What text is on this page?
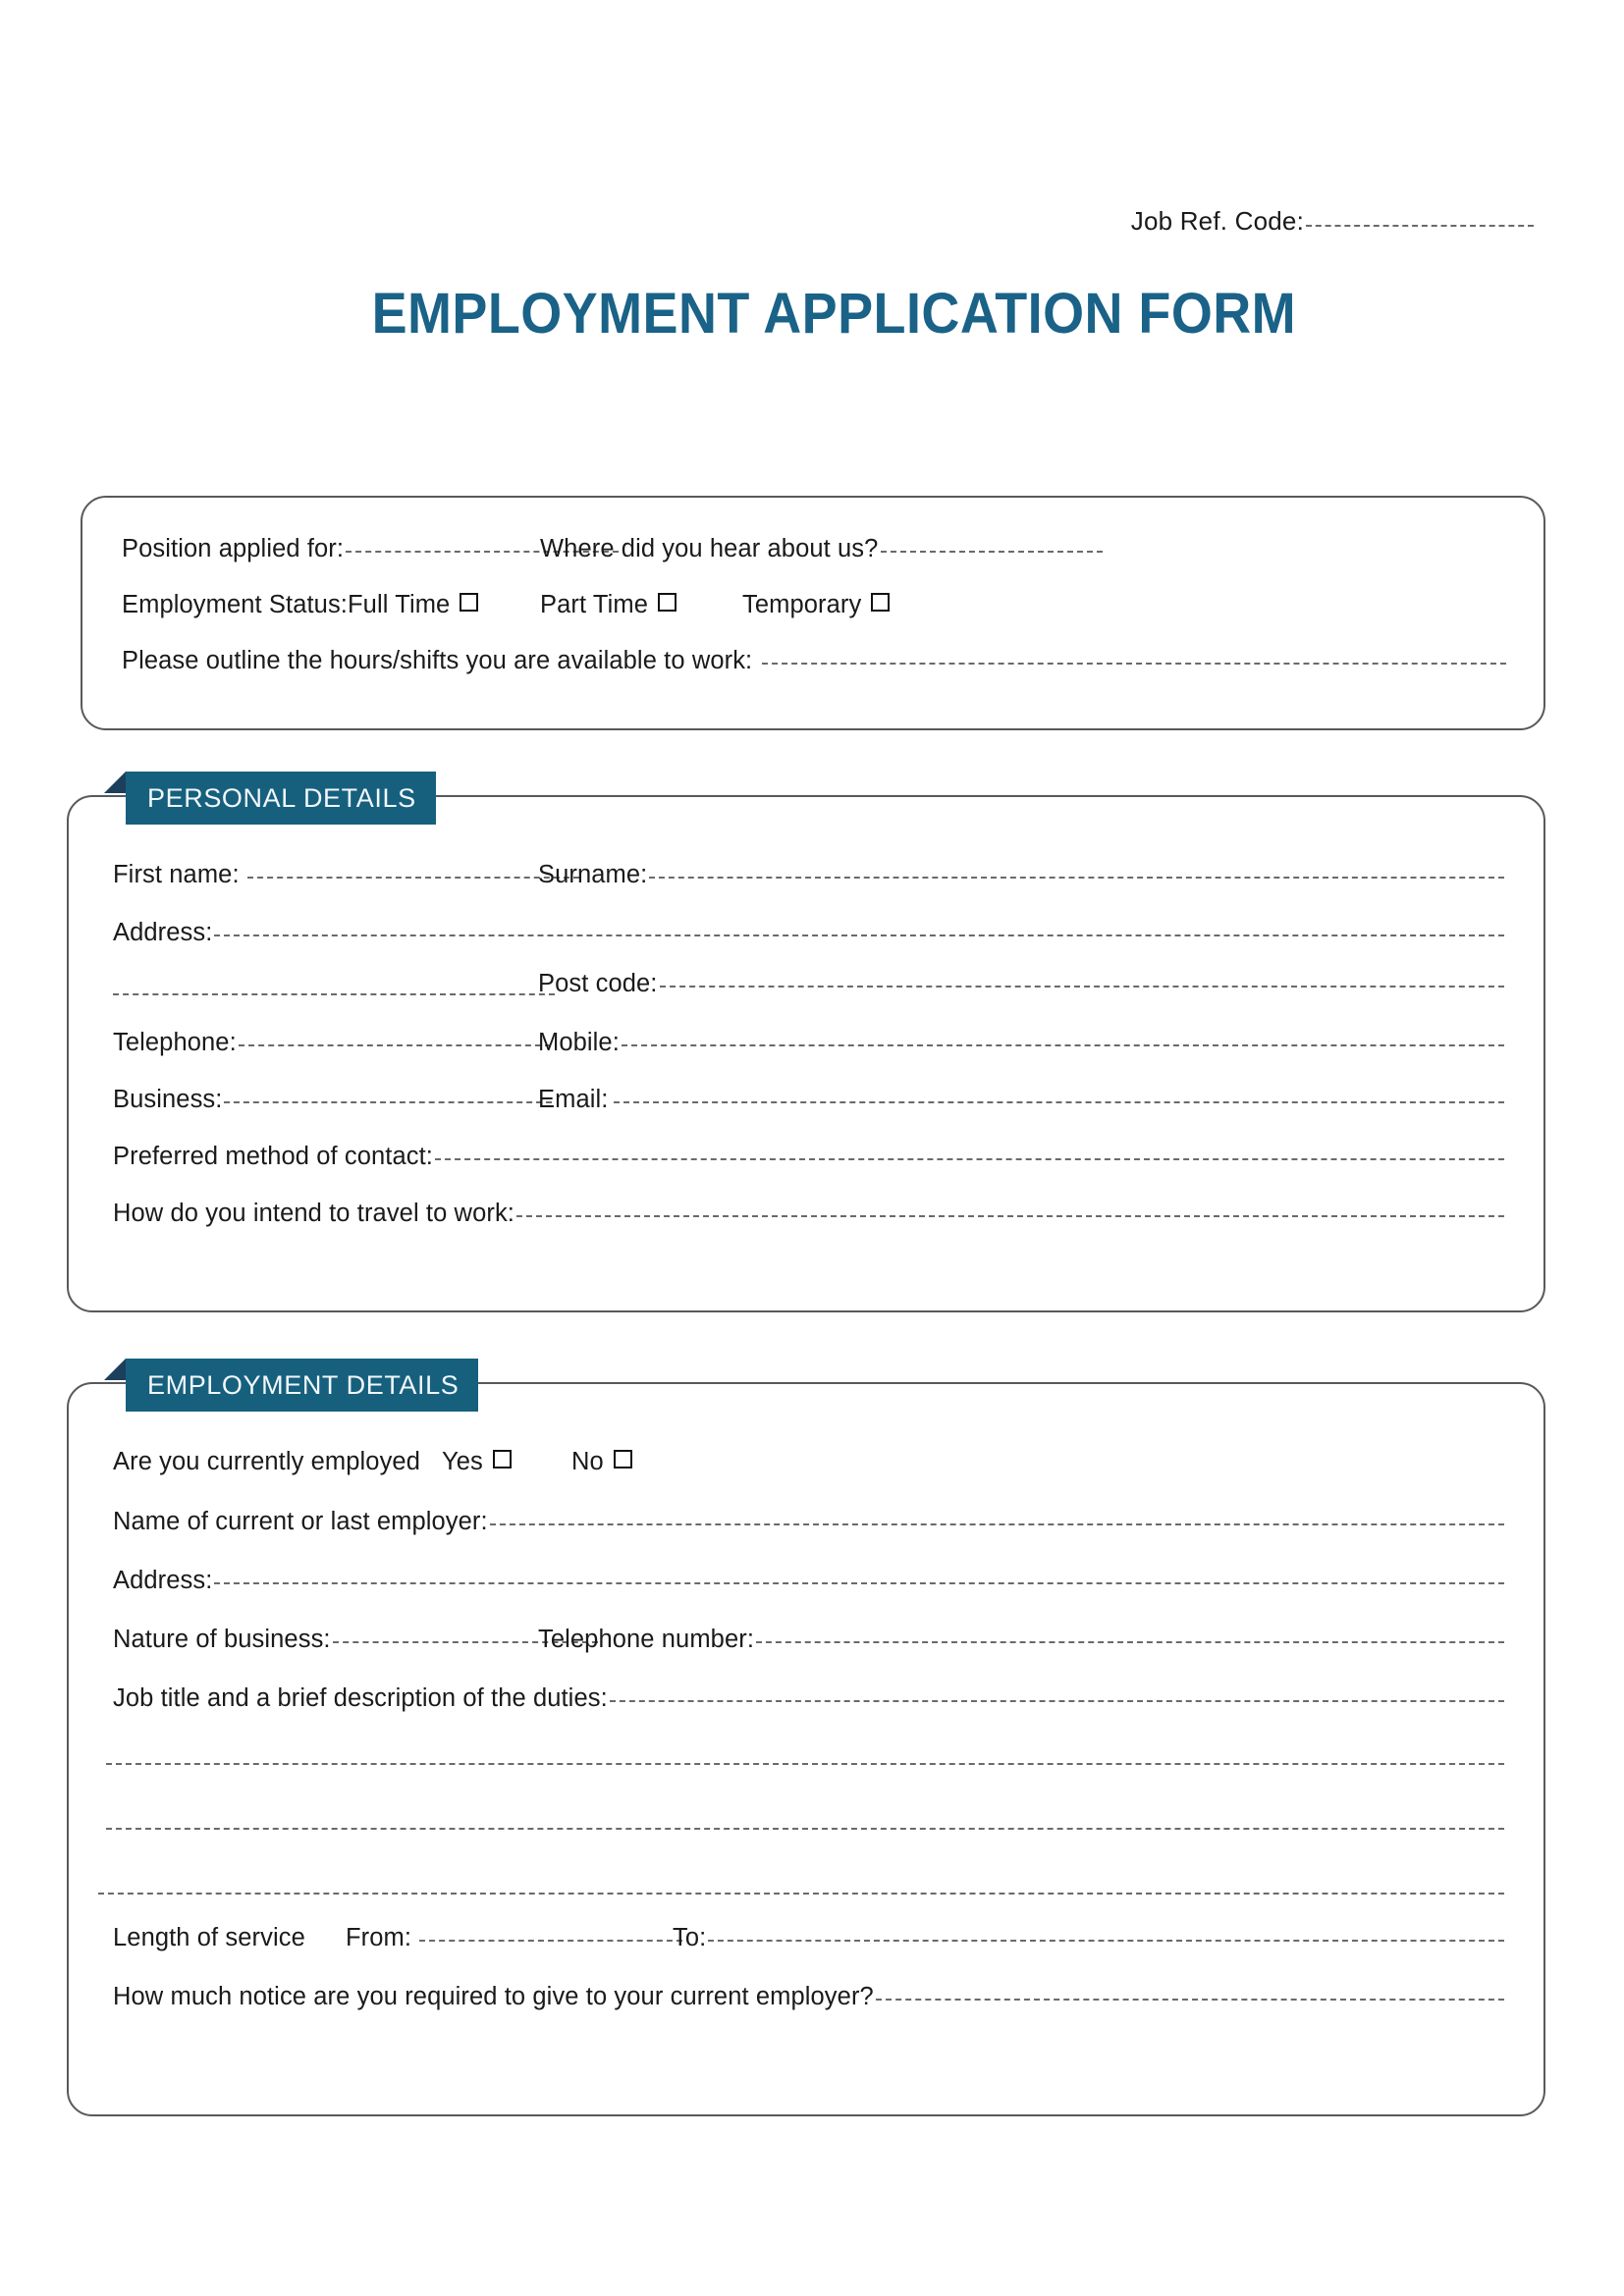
Job Ref. Code:
EMPLOYMENT APPLICATION FORM
Position applied for:	Where did you hear about us?
Employment Status: Full Time	Part Time	Temporary
Please outline the hours/shifts you are available to work:
PERSONAL DETAILS
First name:	Surname:
Address:
Post code:
Telephone:	Mobile:
Business:	Email:
Preferred method of contact:
How do you intend to travel to work:
EMPLOYMENT DETAILS
Are you currently employed Yes	No
Name of current or last employer:
Address:
Nature of business:	Telephone number:
Job title and a brief description of the duties:
Length of service From:	To:
How much notice are you required to give to your current employer?
